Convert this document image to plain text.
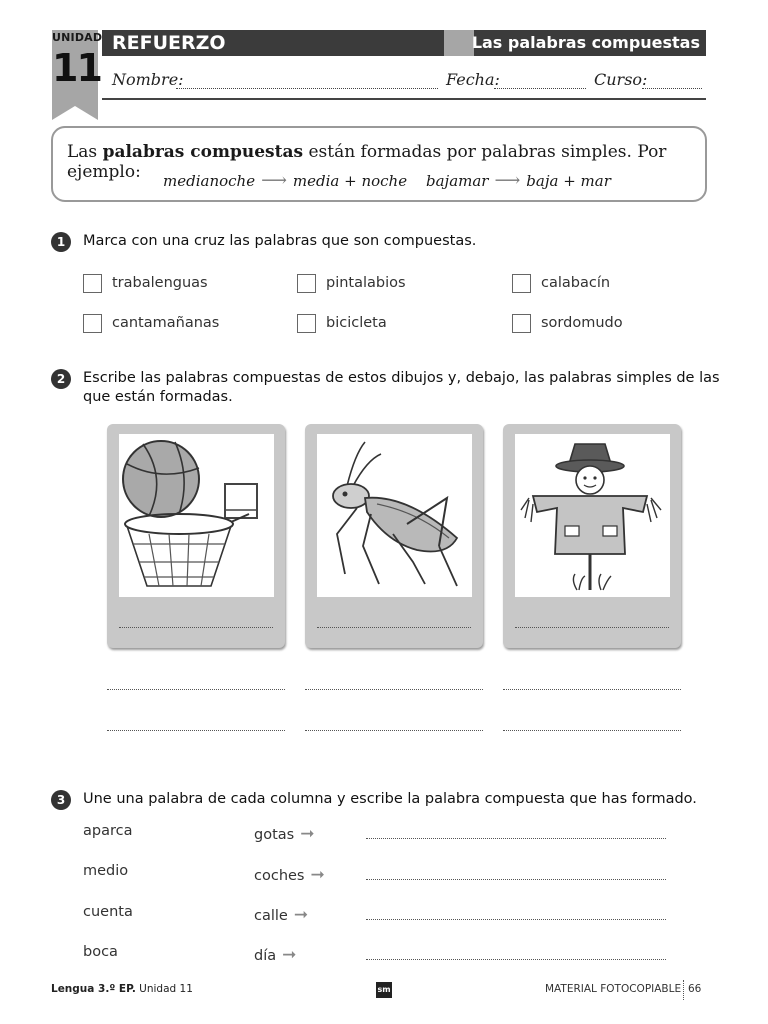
UNIDAD
11
REFUERZO	Las palabras compuestas
Nombre:	Fecha:	Curso:
Las palabras compuestas están formadas por palabras simples. Por ejemplo:	medianoche ⟶ media + noche bajamar ⟶ baja + mar
1	Marca con una cruz las palabras que son compuestas.
trabalenguas	pintalabios	calabacín
cantamañanas	bicicleta	sordomudo
2	Escribe las palabras compuestas de estos dibujos y, debajo, las palabras simples de las
que están formadas.
3	Une una palabra de cada columna y escribe la palabra compuesta que has formado.
aparca	gotas ➞
medio	coches ➞
cuenta	calle ➞
boca	día ➞
Lengua 3.º EP. Unidad 11	sm	MATERIAL FOTOCOPIABLE 66
